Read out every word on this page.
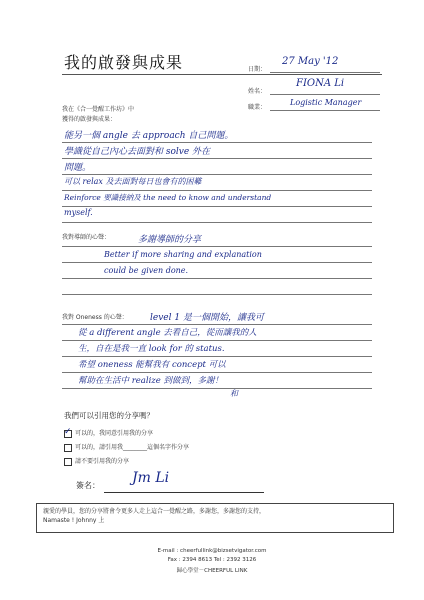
我的啟發與成果	日期：
27 May '12
姓名：
FIONA Li
職業：
Logistic Manager
我在《合一覺醒工作坊》中
獲得的啟發與成果：
能另一個 angle 去 approach 自己問題。
學識從自己內心去面對和 solve 外在
問題。
可以 relax 及去面對每日也會有的困難
Reinforce 要識接納及 the need to know and understand
myself.
我對導師的心聲：	多謝導師的分享
Better if more sharing and explanation
could be given done.
我對 Oneness 的心聲： level 1 是一個開始，讓我可
從 a different angle 去看自己，從而讓我的人
生，自在是我一直 look for 的 status.
希望 oneness 能幫我有 concept 可以
幫助在生活中 realize 到做到，多謝！
和
我們可以引用您的分享嗎？
✓可以的，我同意引用我的分享
可以的，請引用我________這個名字作分享
請不要引用我的分享
簽名： Jm Li
親愛的學員，您的分享將會令更多人走上這合一覺醒之路，多謝您，多謝您的支持，
Namaste ! Johnny 上
E-mail : cheerfullink@bizsetvigator.com
Fax : 2394 8613 Tel : 2392 3126
歸心學堂－CHEERFUL LINK
